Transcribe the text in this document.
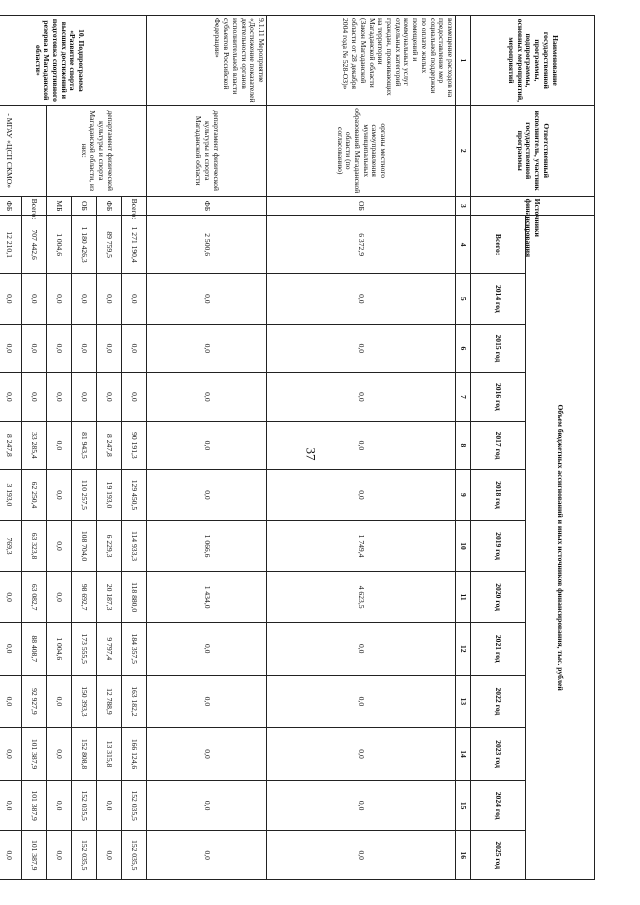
37
Наименование государственной программы, подпрограммы, основных мероприятий, мероприятий	Ответственный исполнитель, участник государственной программы	Источники финансирования	Объем бюджетных ассигнований и иных источников финансирования, тыс. рублей												
			Всего:	2014 год	2015 год	2016 год	2017 год	2018 год	2019 год	2020 год	2021 год	2022 год	2023 год	2024 год	2025 год
1	2	3	4	5	6	7	8	9	10	11	12	13	14	15	16
возмещение расходов на предоставление мер социальной поддержки по оплате жилых помещений и коммунальных услуг отдельных категорий граждан, проживающих на территории Магаданской области (Закон Магаданской области от 28 декабря 2004 года № 528-ОЗ)»	органы местного самоуправления муниципальных образований Магаданской области (по согласованию)	ОБ	6 372,9	0,0	0,0	0,0	0,0	0,0	1 749,4	4 623,5	0,0	0,0	0,0	0,0	0,0
9.1.11 Мероприятие «Достижение показателей деятельности органов исполнительной власти субъектов Российской Федерации»	департамент физической культуры и спорта Магаданской области	ФБ	2 500,6	0,0	0,0	0,0	0,0	0,0	1 066,6	1 434,0	0,0	0,0	0,0	0,0	0,0
10. Подпрограмма «Развитие спорта высших достижений и подготовка спортивного резерва в Магаданской области»	департамент физической культуры и спорта Магаданской области, из них:	Всего:	1 271 190,4	0,0	0,0	0,0	90 191,3	129 450,5	114 933,3	118 880,0	184 357,5	163 182,2	166 124,6	152 035,5	152 035,5
		ФБ	89 759,5	0,0	0,0	0,0	8 247,8	19 193,0	6 229,3	20 187,3	9 797,4	12 788,9	13 315,8	0,0	0,0
		ОБ	1 180 426,3	0,0	0,0	0,0	81 943,5	110 257,5	108 704,0	98 692,7	173 555,5	150 393,3	152 808,8	152 035,5	152 035,5
		МБ	1 004,6	0,0	0,0	0,0	0,0	0,0	0,0	0,0	1 004,6	0,0	0,0	0,0	0,0
	- МГАУ «ЦСП СКМО»	Всего:	707 442,6	0,0	0,0	0,0	33 285,4	62 250,4	63 323,8	63 082,7	88 408,7	92 927,9	101 387,9	101 387,9	101 387,9
		ФБ	12 210,1	0,0	0,0	0,0	8 247,8	3 193,0	769,3	0,0	0,0	0,0	0,0	0,0	0,0
